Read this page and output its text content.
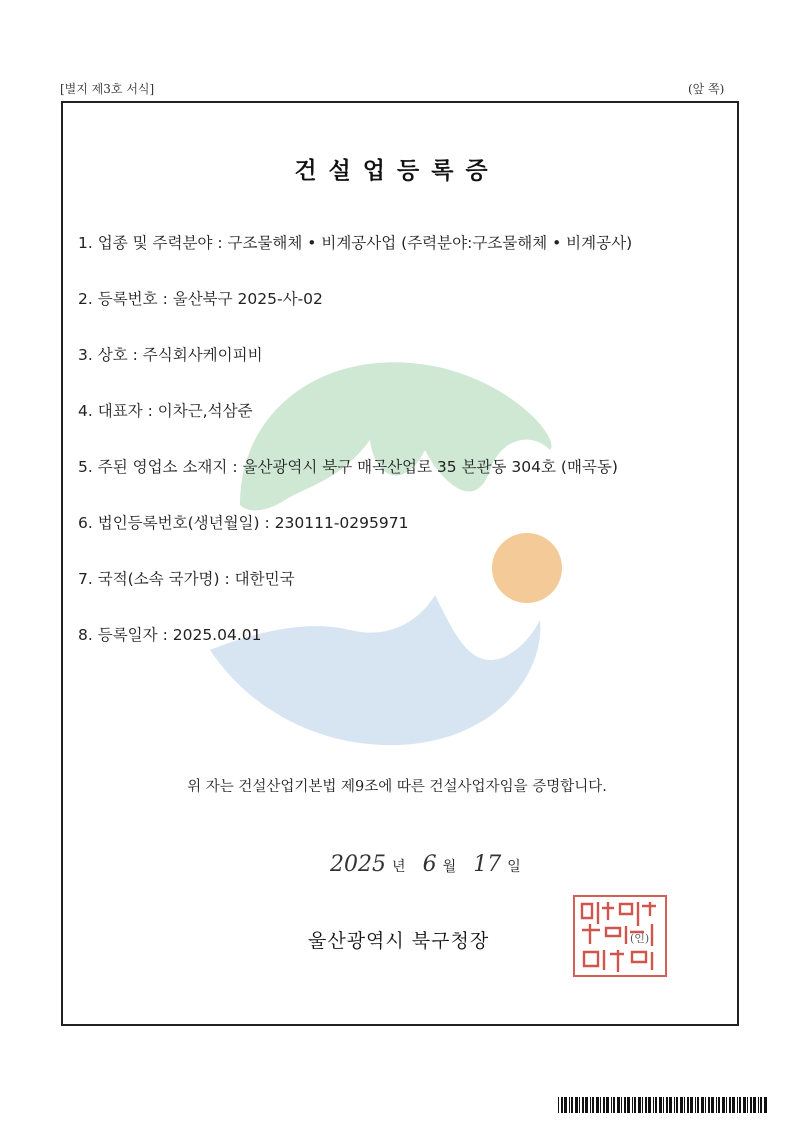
[별지 제3호 서식]	(앞 쪽)
건설업등록증
1. 업종 및 주력분야 : 구조물해체 • 비계공사업 (주력분야:구조물해체 • 비계공사)
2. 등록번호 : 울산북구 2025-사-02
3. 상호 : 주식회사케이피비
4. 대표자 : 이차근,석삼준
5. 주된 영업소 소재지 : 울산광역시 북구 매곡산업로 35 본관동 304호 (매곡동)
6. 법인등록번호(생년월일) : 230111-0295971
7. 국적(소속 국가명) : 대한민국
8. 등록일자 : 2025.04.01
위 자는 건설산업기본법 제9조에 따른 건설사업자임을 증명합니다.
2025 년 6 월 17 일
울산광역시 북구청장	(인)
